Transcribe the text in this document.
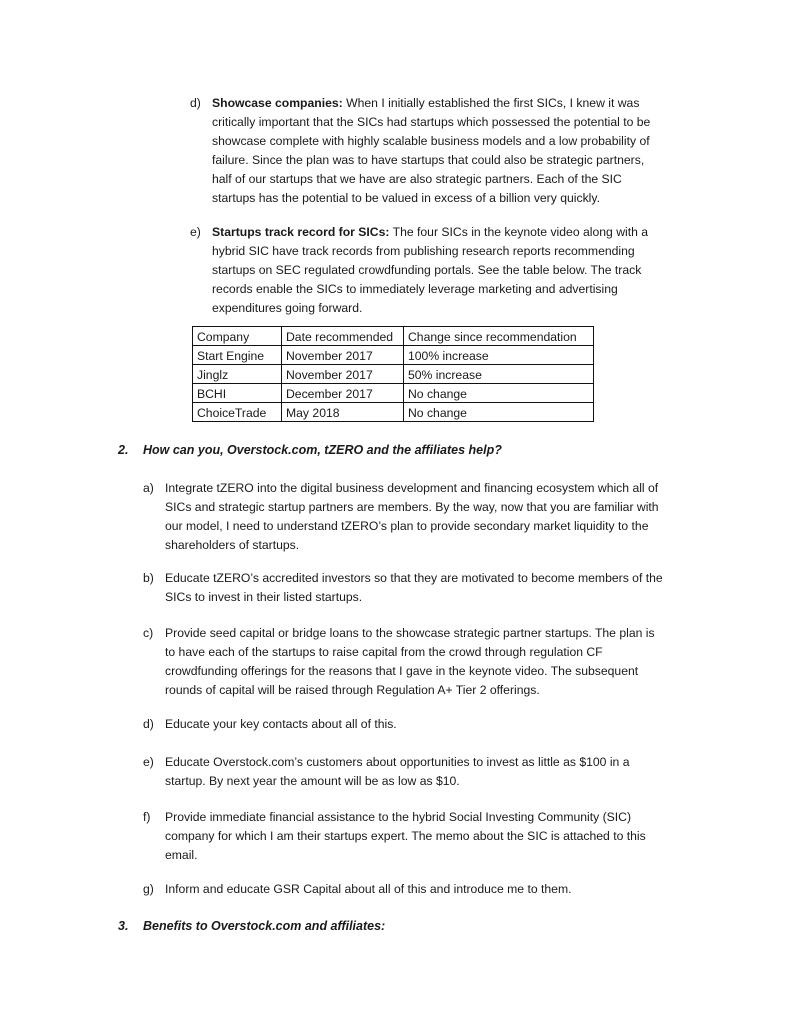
d) Showcase companies: When I initially established the first SICs, I knew it was
critically important that the SICs had startups which possessed the potential to be
showcase complete with highly scalable business models and a low probability of
failure. Since the plan was to have startups that could also be strategic partners,
half of our startups that we have are also strategic partners. Each of the SIC
startups has the potential to be valued in excess of a billion very quickly.
e) Startups track record for SICs: The four SICs in the keynote video along with a
hybrid SIC have track records from publishing research reports recommending
startups on SEC regulated crowdfunding portals. See the table below. The track
records enable the SICs to immediately leverage marketing and advertising
expenditures going forward.
Company	Date recommended	Change since recommendation
Start Engine	November 2017	100% increase
Jinglz	November 2017	50% increase
BCHI	December 2017	No change
ChoiceTrade	May 2018	No change
2. How can you, Overstock.com, tZERO and the affiliates help?
a) Integrate tZERO into the digital business development and financing ecosystem which all of
SICs and strategic startup partners are members. By the way, now that you are familiar with
our model, I need to understand tZERO’s plan to provide secondary market liquidity to the
shareholders of startups.
b) Educate tZERO’s accredited investors so that they are motivated to become members of the
SICs to invest in their listed startups.
c) Provide seed capital or bridge loans to the showcase strategic partner startups. The plan is
to have each of the startups to raise capital from the crowd through regulation CF
crowdfunding offerings for the reasons that I gave in the keynote video. The subsequent
rounds of capital will be raised through Regulation A+ Tier 2 offerings.
d) Educate your key contacts about all of this.
e) Educate Overstock.com’s customers about opportunities to invest as little as $100 in a
startup. By next year the amount will be as low as $10.
f) Provide immediate financial assistance to the hybrid Social Investing Community (SIC)
company for which I am their startups expert. The memo about the SIC is attached to this
email.
g) Inform and educate GSR Capital about all of this and introduce me to them.
3. Benefits to Overstock.com and affiliates:
